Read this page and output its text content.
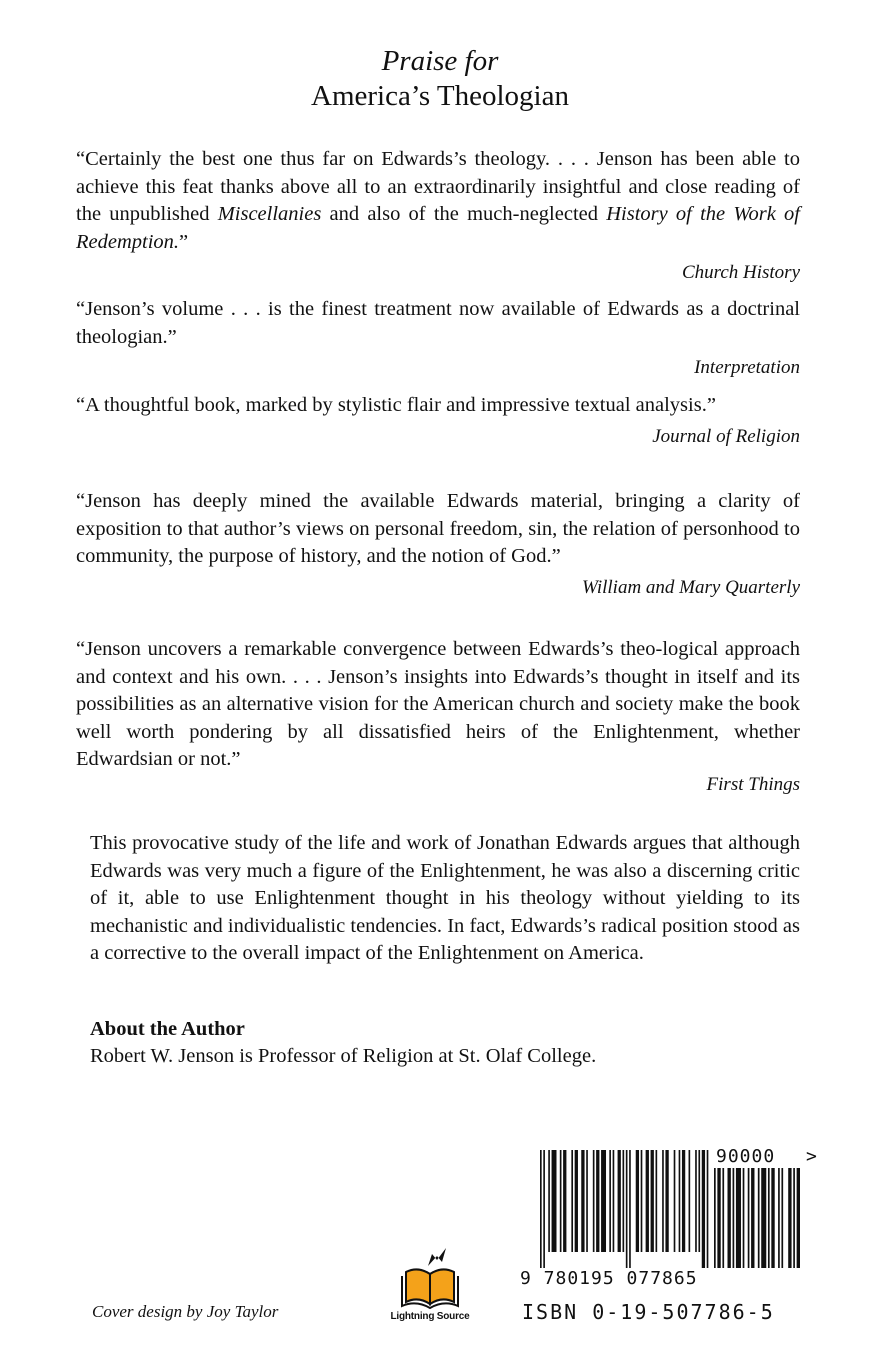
Praise for
America’s Theologian
“Certainly the best one thus far on Edwards’s theology. . . . Jenson has been able to achieve this feat thanks above all to an extraordinarily insightful and close reading of the unpublished Miscellanies and also of the much-neglected History of the Work of Redemption.”
Church History
“Jenson’s volume . . . is the finest treatment now available of Edwards as a doctrinal theologian.”
Interpretation
“A thoughtful book, marked by stylistic flair and impressive textual analysis.”
Journal of Religion
“Jenson has deeply mined the available Edwards material, bringing a clarity of exposition to that author’s views on personal freedom, sin, the relation of personhood to community, the purpose of history, and the notion of God.”
William and Mary Quarterly
“Jenson uncovers a remarkable convergence between Edwards’s theo-logical approach and context and his own. . . . Jenson’s insights into Edwards’s thought in itself and its possibilities as an alternative vision for the American church and society make the book well worth pondering by all dissatisfied heirs of the Enlightenment, whether Edwardsian or not.”
First Things
This provocative study of the life and work of Jonathan Edwards argues that although Edwards was very much a figure of the Enlightenment, he was also a discerning critic of it, able to use Enlightenment thought in his theology without yielding to its mechanistic and individualistic tendencies. In fact, Edwards’s radical position stood as a corrective to the overall impact of the Enlightenment on America.
About the Author
Robert W. Jenson is Professor of Religion at St. Olaf College.
Cover design by Joy Taylor	Lightning Source
90000 >
9 780195 077865
ISBN 0-19-507786-5
